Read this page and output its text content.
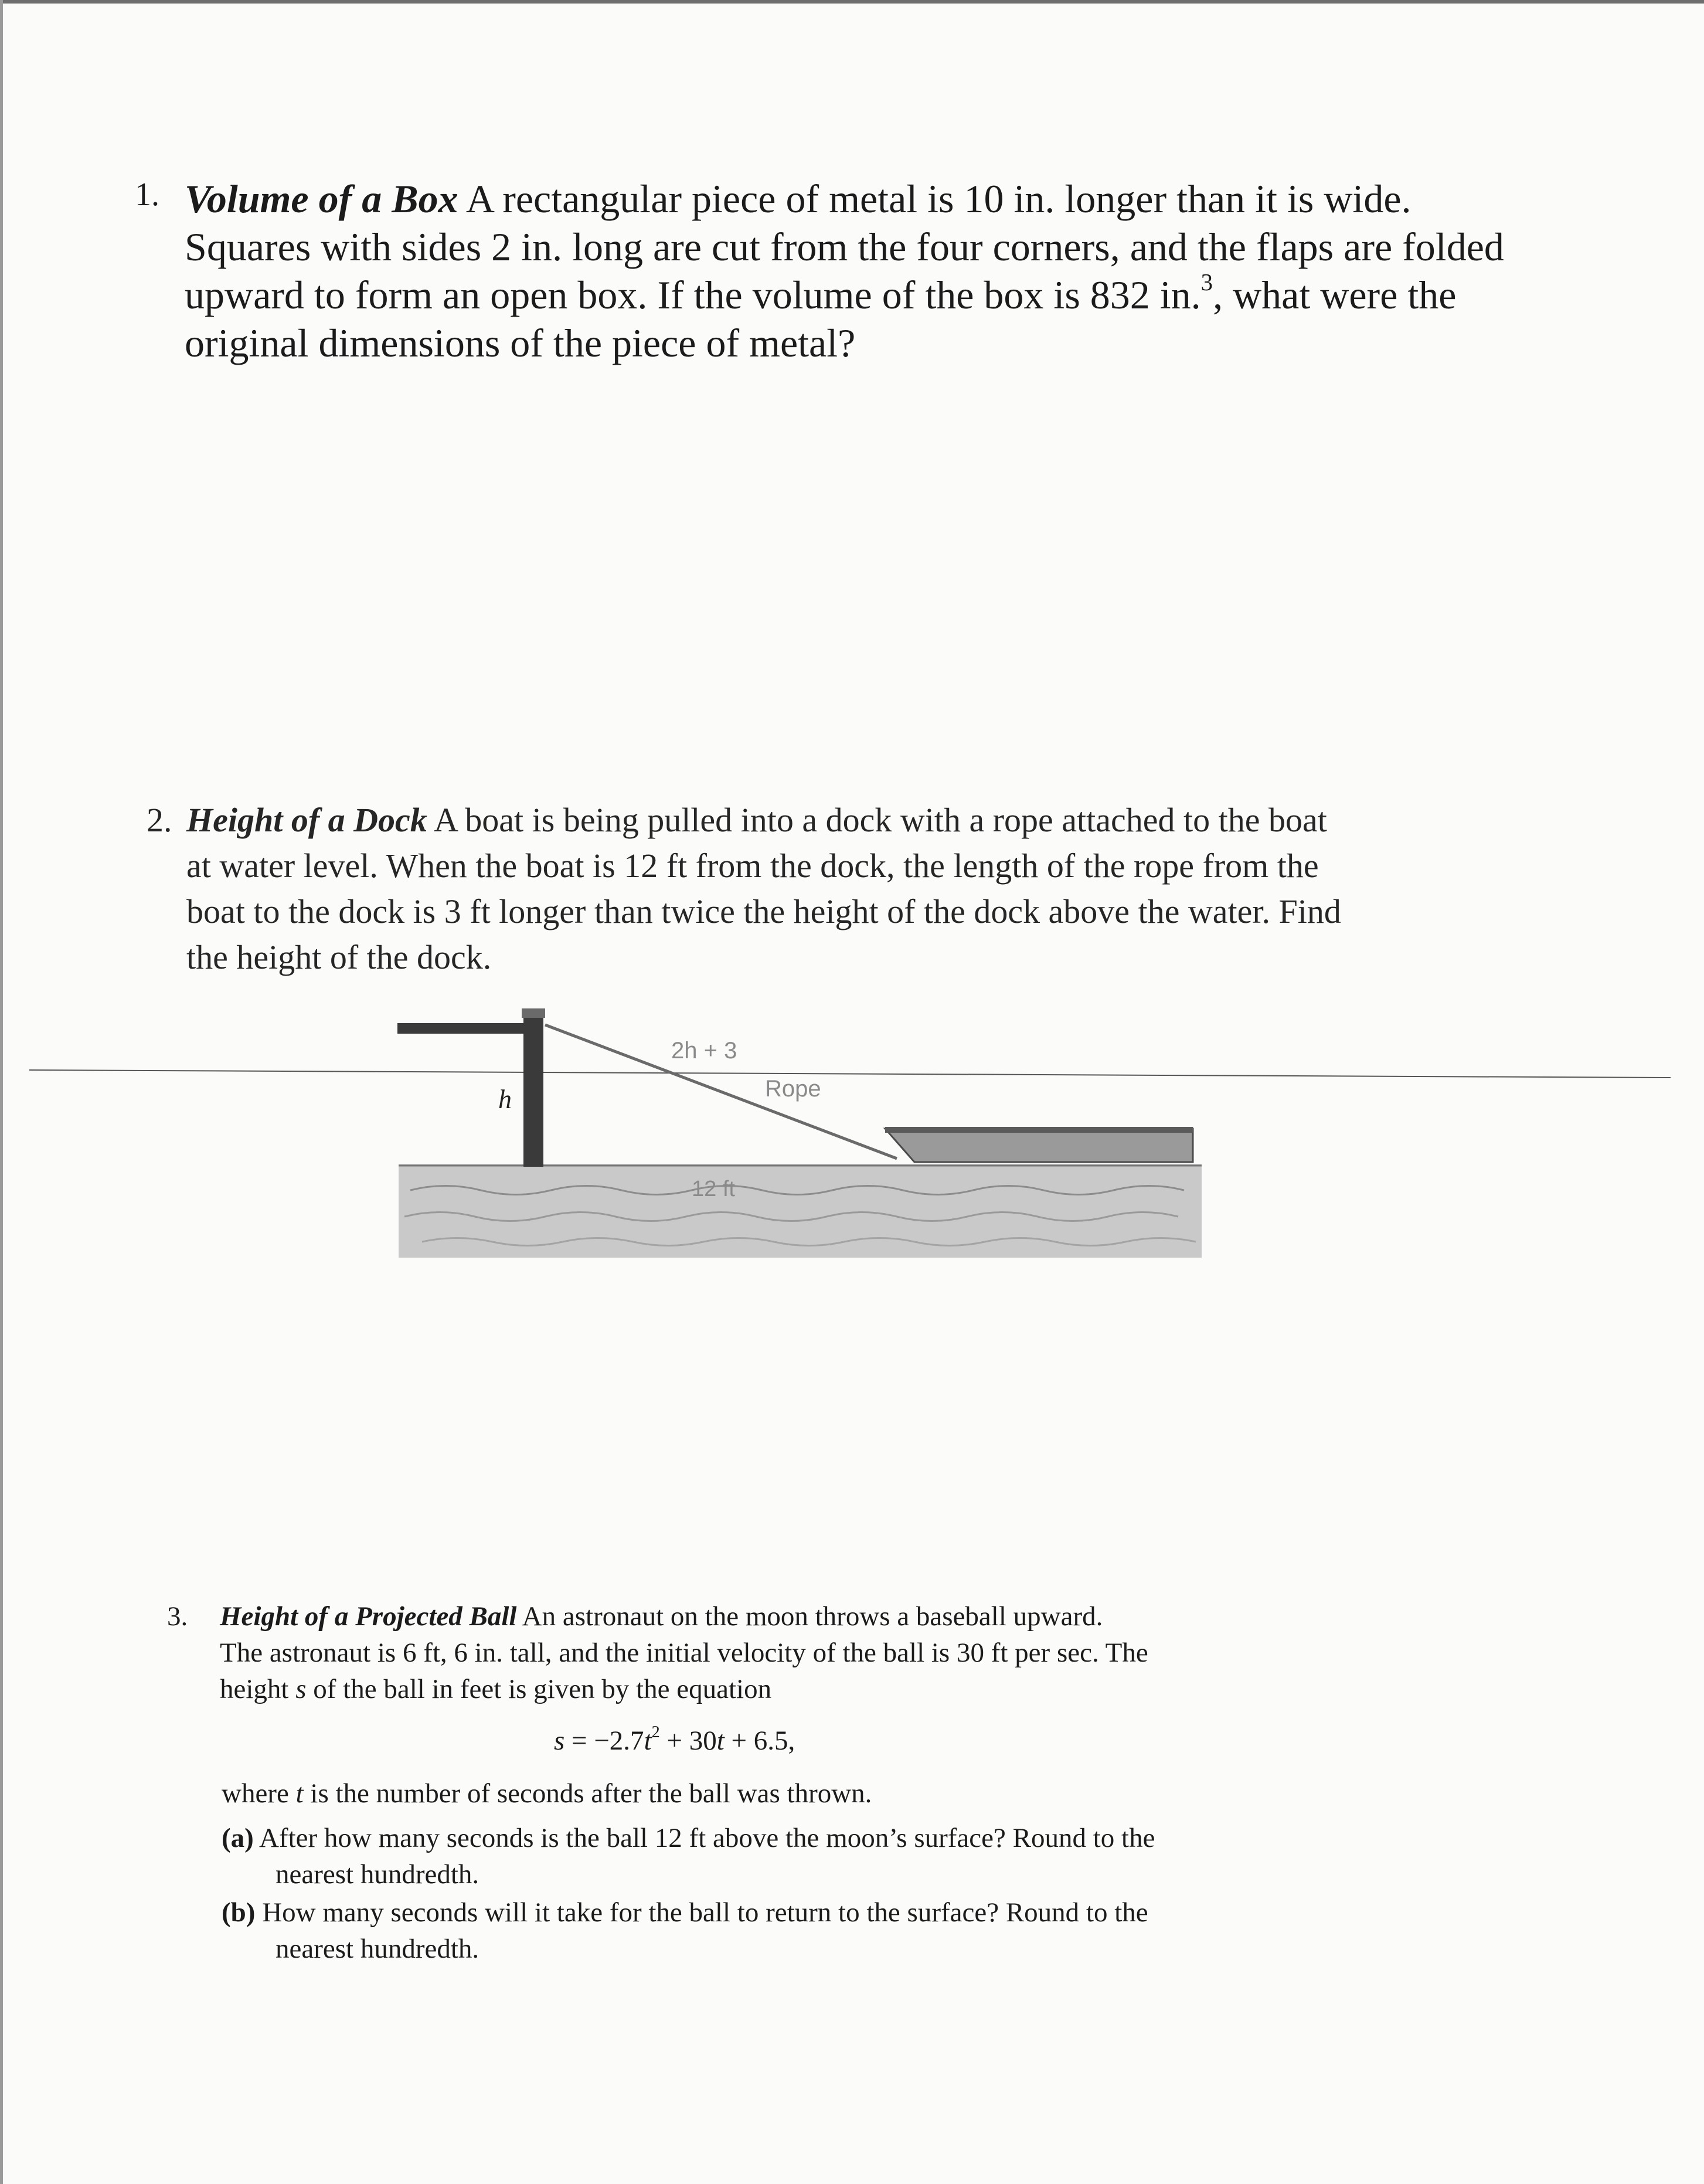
1. Volume of a Box A rectangular piece of metal is 10 in. longer than it is wide.
Squares with sides 2 in. long are cut from the four corners, and the flaps are folded
upward to form an open box. If the volume of the box is 832 in.$^3$, what were the
original dimensions of the piece of metal?
2. Height of a Dock A boat is being pulled into a dock with a rope attached to the boat
at water level. When the boat is 12 ft from the dock, the length of the rope from the
boat to the dock is 3 ft longer than twice the height of the dock above the water. Find
the height of the dock.
2h + 3
Rope
h
12 ft
3. Height of a Projected Ball An astronaut on the moon throws a baseball upward.
The astronaut is 6 ft, 6 in. tall, and the initial velocity of the ball is 30 ft per sec. The
height s of the ball in feet is given by the equation
$s = -2.7t^2 + 30t + 6.5$,
where t is the number of seconds after the ball was thrown.
(a) After how many seconds is the ball 12 ft above the moon’s surface? Round to the
nearest hundredth.
(b) How many seconds will it take for the ball to return to the surface? Round to the
nearest hundredth.
